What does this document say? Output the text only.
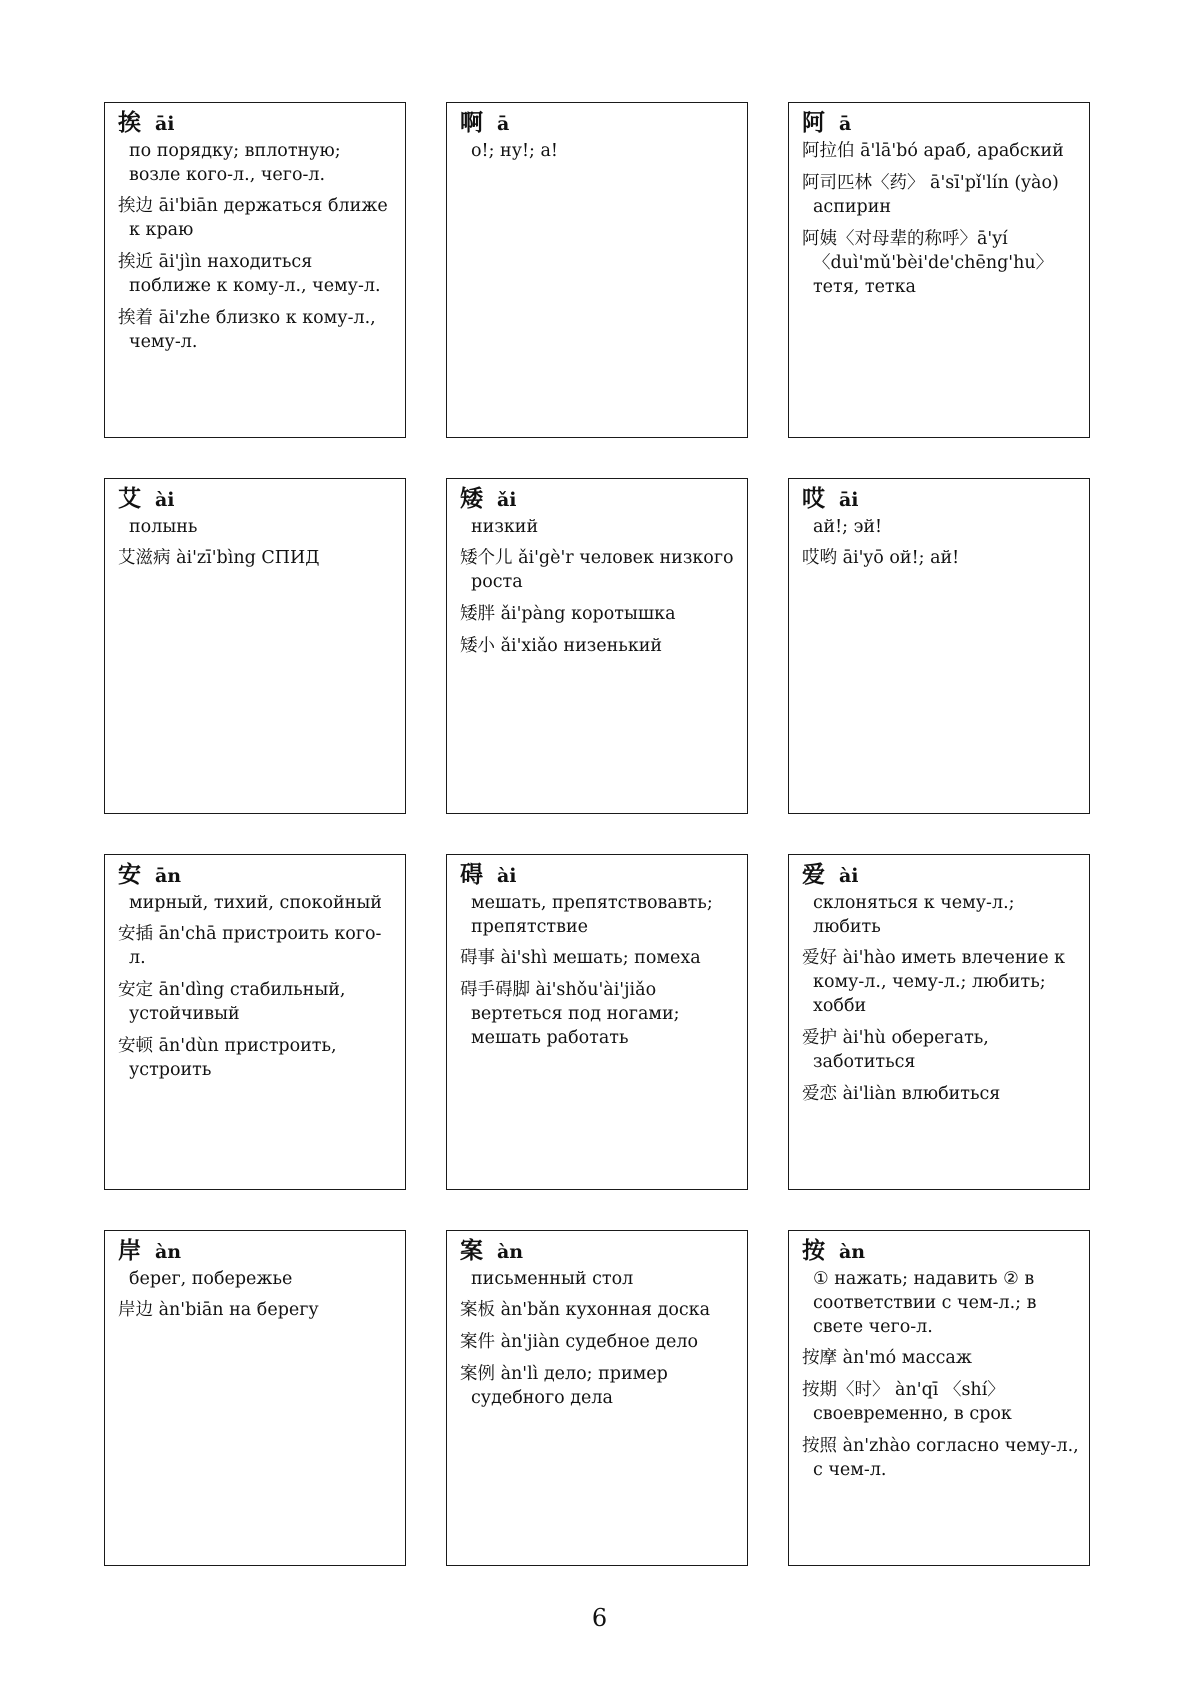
挨 āi
по порядку; вплотную; возле кого-л., чего-л.
挨边 āi'biān держаться ближе к краю
挨近 āi'jìn находиться поближе к кому-л., чему-л.
挨着 āi'zhe близко к кому-л., чему-л.
啊 ā
о!; ну!; а!
阿 ā
阿拉伯 ā'lā'bó араб, арабский
阿司匹林〈药〉 ā'sī'pǐ'lín (yào) аспирин
阿姨〈对母辈的称呼〉ā'yí 〈duì'mǔ'bèi'de'chēng'hu〉 тетя, тетка
艾 ài
полынь
艾滋病 ài'zī'bìng СПИД
矮 ǎi
низкий
矮个儿 ǎi'gè'r человек низкого роста
矮胖 ǎi'pàng коротышка
矮小 ǎi'xiǎo низенький
哎 āi
ай!; эй!
哎哟 āi'yō ой!; ай!
安 ān
мирный, тихий, спокойный
安插 ān'chā пристроить кого-л.
安定 ān'dìng стабильный, устойчивый
安顿 ān'dùn пристроить, устроить
碍 ài
мешать, препятствовавть; препятствие
碍事 ài'shì мешать; помеха
碍手碍脚 ài'shǒu'ài'jiǎo вертеться под ногами; мешать работать
爱 ài
склоняться к чему-л.; любить
爱好 ài'hào иметь влечение к кому-л., чему-л.; любить; хобби
爱护 ài'hù оберегать, заботиться
爱恋 ài'liàn влюбиться
岸 àn
берег, побережье
岸边 àn'biān на берегу
案 àn
письменный стол
案板 àn'bǎn кухонная доска
案件 àn'jiàn судебное дело
案例 àn'lì дело; пример судебного дела
按 àn
① нажать; надавить ② в соответствии с чем-л.; в свете чего-л.
按摩 àn'mó массаж
按期〈时〉 àn'qī 〈shí〉 своевременно, в срок
按照 àn'zhào согласно чему-л., с чем-л.
6
